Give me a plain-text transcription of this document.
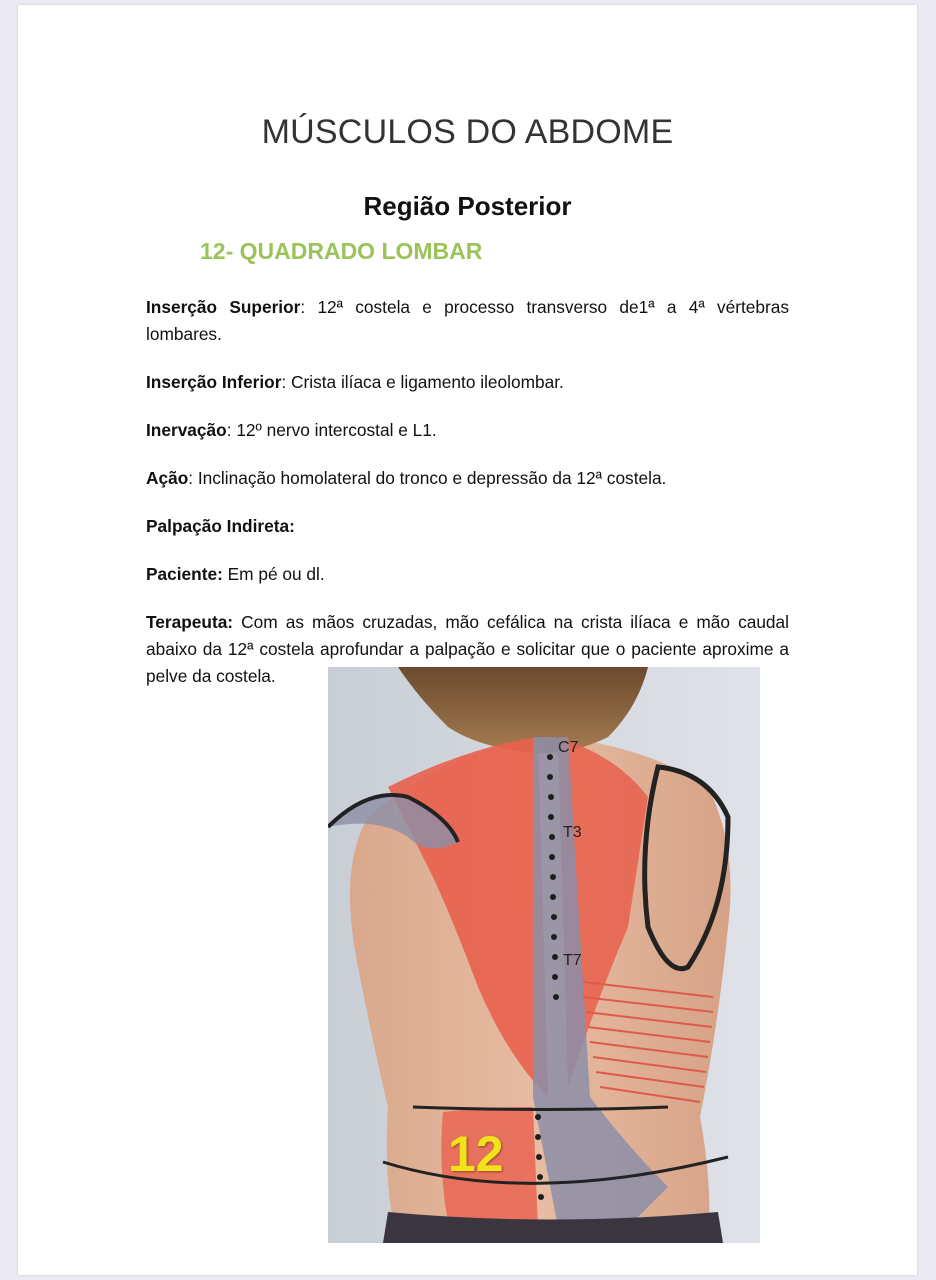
MÚSCULOS DO ABDOME
Região Posterior
12- QUADRADO LOMBAR

Inserção Superior: 12ª costela e processo transverso de1ª a 4ª vértebras lombares.

Inserção Inferior: Crista ilíaca e ligamento ileolombar.

Inervação: 12º nervo intercostal e L1.

Ação: Inclinação homolateral do tronco e depressão da 12ª costela.

Palpação Indireta:

Paciente: Em pé ou dl.

Terapeuta: Com as mãos cruzadas, mão cefálica na crista ilíaca e mão caudal abaixo da 12ª costela aprofundar a palpação e solicitar que o paciente aproxime a pelve da costela.

C7
T3
T7
12
